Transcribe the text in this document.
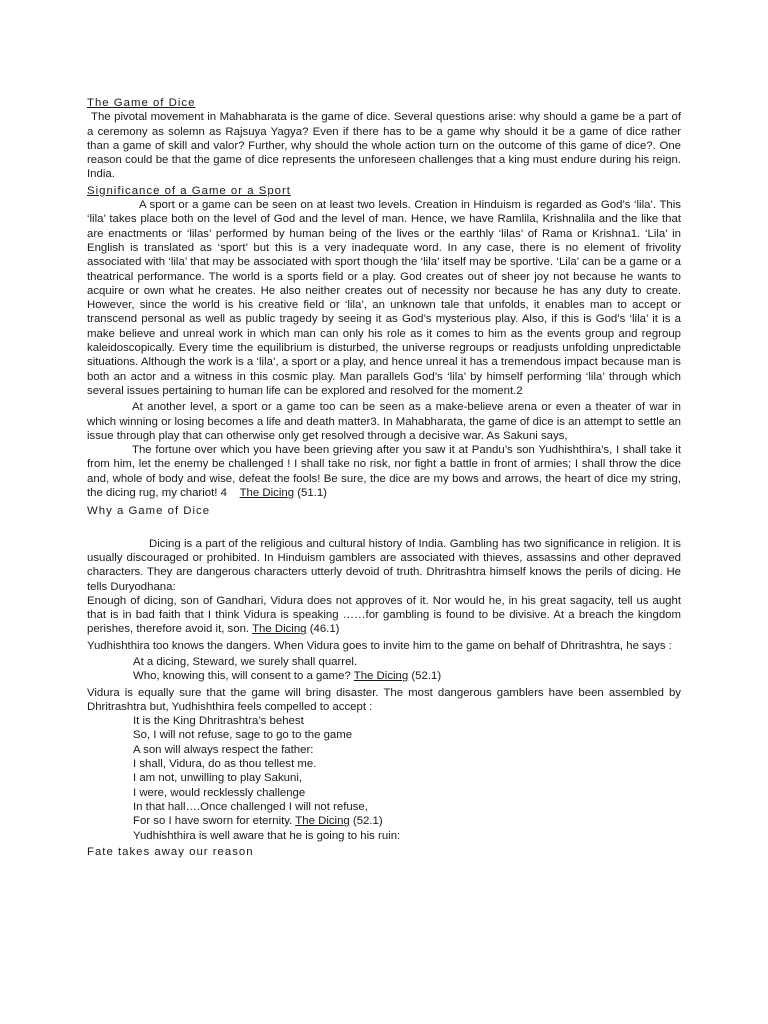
The Game of Dice

The pivotal movement in Mahabharata is the game of dice. Several questions arise: why should a game be a part of a ceremony as solemn as Rajsuya Yagya? Even if there has to be a game why should it be a game of dice rather than a game of skill and valor? Further, why should the whole action turn on the outcome of this game of dice?. One reason could be that the game of dice represents the unforeseen challenges that a king must endure during his reign. India.

Significance of a Game or a Sport

A sport or a game can be seen on at least two levels. Creation in Hinduism is regarded as God’s ‘lila’. This ‘lila’ takes place both on the level of God and the level of man. Hence, we have Ramlila, Krishnalila and the like that are enactments or ‘lilas’ performed by human being of the lives or the earthly ‘lilas’ of Rama or Krishna1. ‘Lila’ in English is translated as ‘sport’ but this is a very inadequate word. In any case, there is no element of frivolity associated with ‘lila’ that may be associated with sport though the ‘lila’ itself may be sportive. ‘Lila’ can be a game or a theatrical performance. The world is a sports field or a play. God creates out of sheer joy not because he wants to acquire or own what he creates. He also neither creates out of necessity nor because he has any duty to create. However, since the world is his creative field or ‘lila’, an unknown tale that unfolds, it enables man to accept or transcend personal as well as public tragedy by seeing it as God’s mysterious play. Also, if this is God’s ‘lila’ it is a make believe and unreal work in which man can only his role as it comes to him as the events group and regroup kaleidoscopically. Every time the equilibrium is disturbed, the universe regroups or readjusts unfolding unpredictable situations. Although the work is a ‘lila’, a sport or a play, and hence unreal it has a tremendous impact because man is both an actor and a witness in this cosmic play. Man parallels God’s ‘lila’ by himself performing ‘lila’ through which several issues pertaining to human life can be explored and resolved for the moment.2

At another level, a sport or a game too can be seen as a make-believe arena or even a theater of war in which winning or losing becomes a life and death matter3. In Mahabharata, the game of dice is an attempt to settle an issue through play that can otherwise only get resolved through a decisive war. As Sakuni says,

The fortune over which you have been grieving after you saw it at Pandu’s son Yudhishthira’s, I shall take it from him, let the enemy be challenged ! I shall take no risk, nor fight a battle in front of armies; I shall throw the dice and, whole of body and wise, defeat the fools! Be sure, the dice are my bows and arrows, the heart of dice my string, the dicing rug, my chariot! 4 The Dicing (51.1)

Why a Game of Dice

Dicing is a part of the religious and cultural history of India. Gambling has two significance in religion. It is usually discouraged or prohibited. In Hinduism gamblers are associated with thieves, assassins and other depraved characters. They are dangerous characters utterly devoid of truth. Dhritrashtra himself knows the perils of dicing. He tells Duryodhana:

Enough of dicing, son of Gandhari, Vidura does not approves of it. Nor would he, in his great sagacity, tell us aught that is in bad faith that I think Vidura is speaking ……for gambling is found to be divisive. At a breach the kingdom perishes, therefore avoid it, son. The Dicing (46.1)

Yudhishthira too knows the dangers. When Vidura goes to invite him to the game on behalf of Dhritrashtra, he says :

At a dicing, Steward, we surely shall quarrel.

Who, knowing this, will consent to a game? The Dicing (52.1)

Vidura is equally sure that the game will bring disaster. The most dangerous gamblers have been assembled by Dhritrashtra but, Yudhishthira feels compelled to accept :

It is the King Dhritrashtra’s behest

So, I will not refuse, sage to go to the game

A son will always respect the father:

I shall, Vidura, do as thou tellest me.

I am not, unwilling to play Sakuni,

I were, would recklessly challenge

In that hall….Once challenged I will not refuse,

For so I have sworn for eternity. The Dicing (52.1)

Yudhishthira is well aware that he is going to his ruin:

Fate takes away our reason
